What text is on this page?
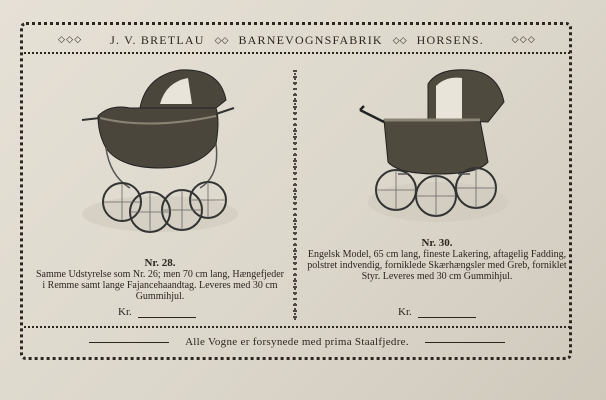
◇◇◇ J. V. BRETLAU ◇◇ BARNEVOGNSFABRIK ◇◇ HORSENS.	◇◇◇
Nr. 28.
Samme Udstyrelse som Nr. 26; men 70 cm lang, Hængefjeder i Remme samt lange Fajancehaandtag. Leveres med 30 cm Gummihjul.
Kr.
Nr. 30.
Engelsk Model, 65 cm lang, fineste Lakering, aftagelig Fadding, polstret indvendig, forniklede Skærhængsler med Greb, forniklet Styr. Leveres med 30 cm Gummihjul.
Kr.
Alle Vogne er forsynede med prima Staalfjedre.
